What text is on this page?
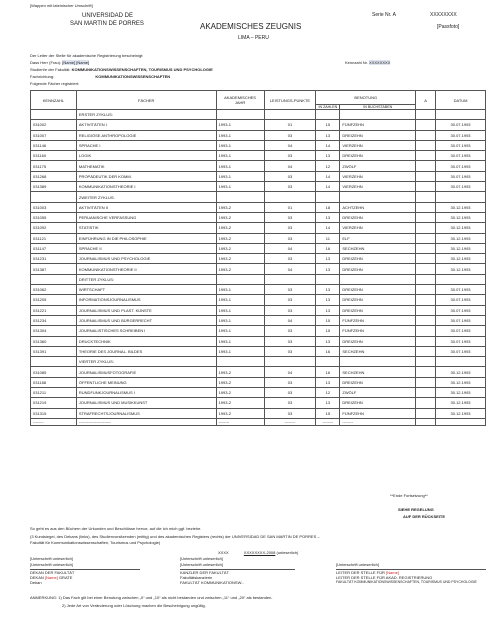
[Wappen mit lateinischer Umschrift]
UNIVERSIDAD DE
SAN MARTIN DE PORRES	AKADEMISCHES ZEUGNIS
LIMA – PERU
Serie Nr. A	XXXXXXXX
[Passfoto]
Der Leiter der Stelle für akademische Registrierung bescheinigt:
Dass Herr (Frau): [Name] [Name]	Kennzahl Nr. XXXXXXXX
Studiert/e der Fakultät: KOMMUNIKATIONSWISSENSCHAFTEN, TOURISMUS UND PSYCHOLOGIE
Fachrichtung:	KOMMUNIKATIONSWISSENSCHAFTEN
Folgende Fächer registriert:
KENNZAHL	FÄCHER	AKADEMISCHES JAHR	LEISTUNGS-PUNKTE	BENOTUNG		A	DATUM
				IN ZAHLEN	IN BUCHSTABEN		
	ERSTER ZYKLUS:						
031002	AKTIVITÄTEN I	1993-1	01	15	FÜNFZEHN		30.07.1993
031007	RELIGIÖSE ANTHROPOLOGIE	1993-1	03	13	DREIZEHN		30.07.1993
031146	SPRACHE I	1993-1	04	14	VIERZEHN		30.07.1993
031160	LOGIK	1993-1	03	13	DREIZEHN		30.07.1993
031175	MATHEMATIK	1993-1	04	12	ZWÖLF		30.07.1993
031268	PROPÄDEUTIK DER KOMM.	1993-1	03	14	VIERZEHN		30.07.1993
031389	KOMMUNIKATIONSTHEORIE I	1993-1	03	14	VIERZEHN		30.07.1993
	ZWEITER ZYKLUS:						
031003	AKTIVITÄTEN II	1993-2	01	18	ACHTZEHN		30.12.1993
031055	PERUANISCHE VERFASSUNG	1993-2	03	13	DREIZEHN		30.12.1993
031092	STATISTIK	1993-2	03	14	VIERZEHN		30.12.1993
031121	EINFÜHRUNG IN DIE PHILOSOPHIE	1993-2	03	11	ELF		30.12.1993
031147	SPRACHE II	1993-2	04	16	SECHZEHN		30.12.1993
031231	JOURNALISMUS UND PSYCHOLOGIE	1993-2	03	13	DREIZEHN		30.12.1993
031387	KOMMUNIKATIONSTHEORIE II	1993-2	04	13	DREIZEHN		30.12.1993
	DRITTER ZYKLUS:						
031062	WIRTSCHAFT	1993-1	03	13	DREIZEHN		30.07.1993
031205	INFORMATIONSJOURNALISMUS	1993-1	03	13	DREIZEHN		30.07.1993
031221	JOURNALISMUS UND PLAST. KÜNSTE	1993-1	03	13	DREIZEHN		30.07.1993
031234	JOURNALISMUS UND BÜRGERRECHT	1993-1	04	15	FÜNFZEHN		30.07.1993
031304	JOURNALISTISCHES SCHREIBEN I	1993-1	03	15	FÜNFZEHN		30.07.1993
031360	DRUCKTECHNIK	1993-1	03	13	DREIZEHN		30.07.1993
031391	THEORIE DES JOURNAL. BILDES	1993-1	03	16	SECHZEHN		30.07.1993
	VIERTER ZYKLUS:						
031085	JOURNALISMUSFOTOGRAFIE	1993-2	04	16	SECHZEHN		30.12.1993
031188	ÖFFENTLICHE MEINUNG	1993-2	03	13	DREIZEHN		30.12.1993
031211	RUNDFUNKJOURNALISMUS I	1993-2	03	12	ZWÖLF		30.12.1993
031219	JOURNALISMUS UND MUSIKKUNST	1993-2	03	13	DREIZEHN		30.12.1993
031315	STRAFRECHTSJOURNALISMUS	1993-2	03	15	FÜNFZEHN		30.12.1993
--------	------------------------	--------	--------	--------	--------		
**Ende Fortsetzung**
SIEHE REGELUNG
AUF DER RÜCKSEITE
So geht es aus den Büchern der Urkunden und Beschlüsse hervor, auf die ich mich ggf. beziehe.
(3 Kundsiegel, des Dekans (links), des Studienvorsitzenden (mittig) und des akademischen Registers (rechts) der UNIVERSIDAD DE SAN MARTIN DE PORRES –
Fakultät für Kommunikationswissenschaften, Tourismus und Psychologie)
XXXX	XXXXXXXX-2008 (unleserlich)
[Unterschrift unleserlich]
[Unterschrift unleserlich]	[Unterschrift unleserlich]	[Unterschrift unleserlich]
[Unterschrift unleserlich]
DEKAN DER FAKULTÄT
DEKAN [Name] GRATE
Dekan
KANZLER DER FAKULTÄT
Fakultätskanzlerin
FAKULTÄT KOMMUNIKATIONSW...
LEITER DER STELLE FÜR [Name]
LEITER DER STELLE FÜR AKAD. REGISTRIERUNG
FAKULTÄT KOMMUNIKATIONSWISSENSCHAFTEN, TOURISMUS UND PSYCHOLOGIE
ANMERKUNG: 1) Das Fach gilt bei einer Benotung zwischen „0“ und „10“ als nicht bestanden und zwischen „11“ und „20“ als bestanden.
2) Jede Art von Veränderung oder Löschung machen die Bescheinigung ungültig.
